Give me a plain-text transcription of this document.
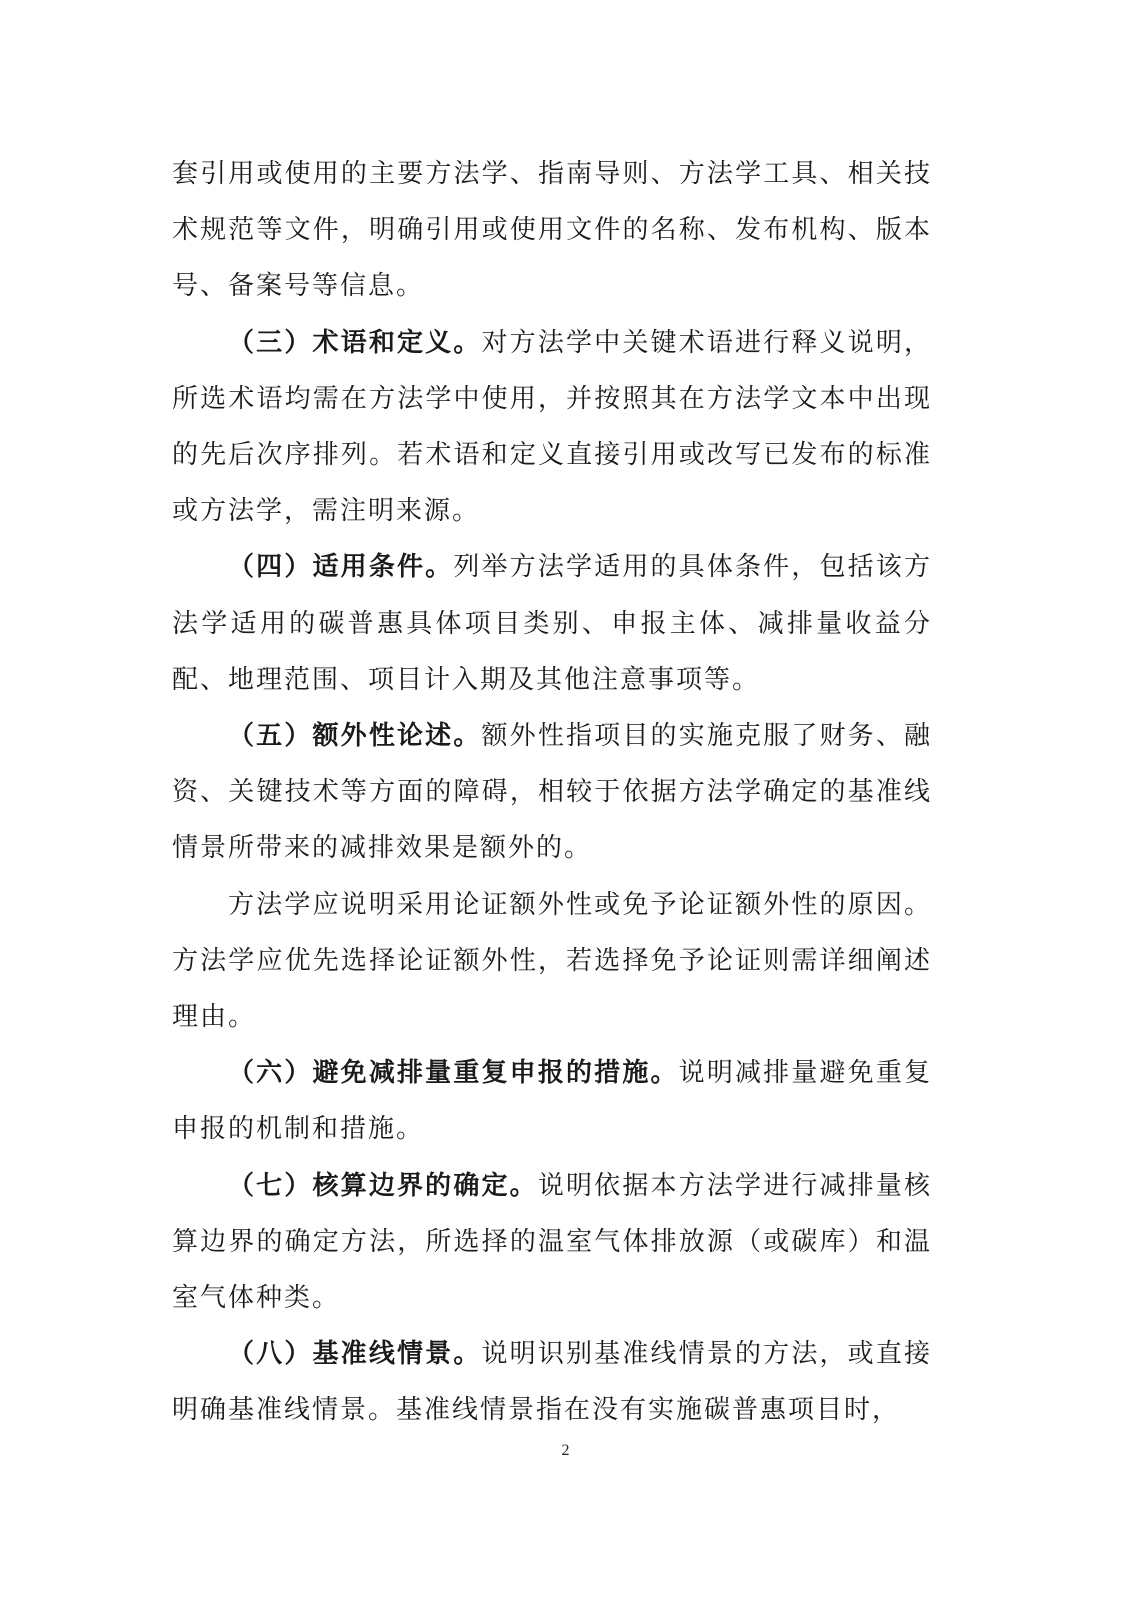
套引用或使用的主要方法学、指南导则、方法学工具、相关技术规范等文件，明确引用或使用文件的名称、发布机构、版本号、备案号等信息。

（三）术语和定义。对方法学中关键术语进行释义说明，所选术语均需在方法学中使用，并按照其在方法学文本中出现的先后次序排列。若术语和定义直接引用或改写已发布的标准或方法学，需注明来源。

（四）适用条件。列举方法学适用的具体条件，包括该方法学适用的碳普惠具体项目类别、申报主体、减排量收益分配、地理范围、项目计入期及其他注意事项等。

（五）额外性论述。额外性指项目的实施克服了财务、融资、关键技术等方面的障碍，相较于依据方法学确定的基准线情景所带来的减排效果是额外的。

方法学应说明采用论证额外性或免予论证额外性的原因。方法学应优先选择论证额外性，若选择免予论证则需详细阐述理由。

（六）避免减排量重复申报的措施。说明减排量避免重复申报的机制和措施。

（七）核算边界的确定。说明依据本方法学进行减排量核算边界的确定方法，所选择的温室气体排放源（或碳库）和温室气体种类。

（八）基准线情景。说明识别基准线情景的方法，或直接明确基准线情景。基准线情景指在没有实施碳普惠项目时，

2
